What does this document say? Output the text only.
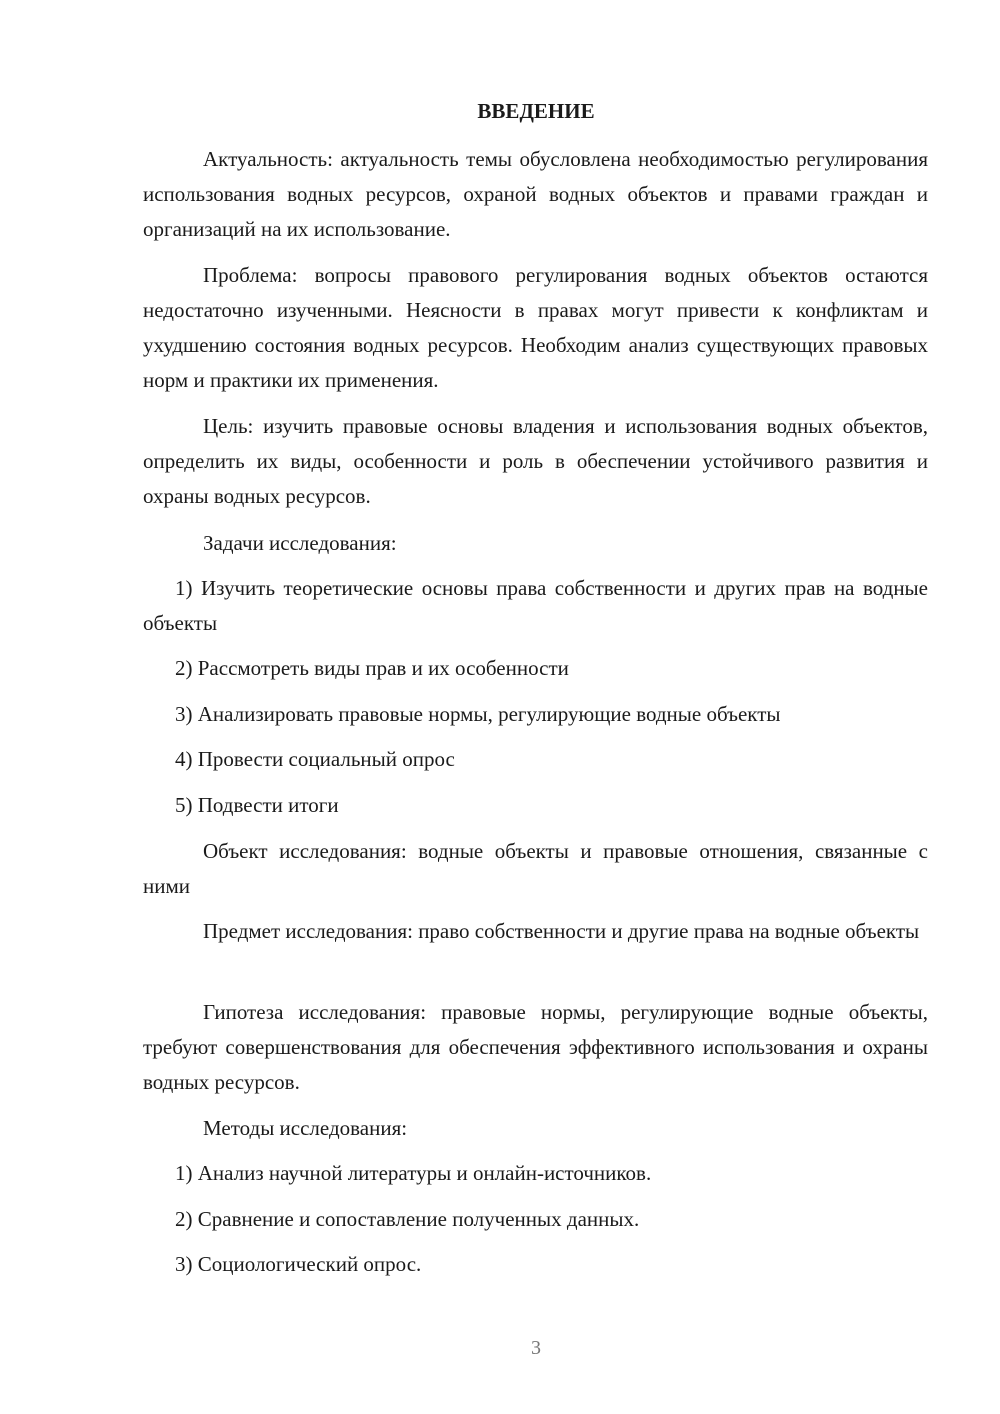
ВВЕДЕНИЕ
Актуальность: актуальность темы обусловлена необходимостью регулирования использования водных ресурсов, охраной водных объектов и правами граждан и организаций на их использование.
Проблема: вопросы правового регулирования водных объектов остаются недостаточно изученными. Неясности в правах могут привести к конфликтам и ухудшению состояния водных ресурсов. Необходим анализ существующих правовых норм и практики их применения.
Цель: изучить правовые основы владения и использования водных объектов, определить их виды, особенности и роль в обеспечении устойчивого развития и охраны водных ресурсов.
Задачи исследования:
1) Изучить теоретические основы права собственности и других прав на водные объекты
2) Рассмотреть виды прав и их особенности
3) Анализировать правовые нормы, регулирующие водные объекты
4) Провести социальный опрос
5) Подвести итоги
Объект исследования: водные объекты и правовые отношения, связанные с ними
Предмет исследования: право собственности и другие права на водные объекты
Гипотеза исследования: правовые нормы, регулирующие водные объекты, требуют совершенствования для обеспечения эффективного использования и охраны водных ресурсов.
Методы исследования:
1) Анализ научной литературы и онлайн-источников.
2) Сравнение и сопоставление полученных данных.
3) Социологический опрос.
3
